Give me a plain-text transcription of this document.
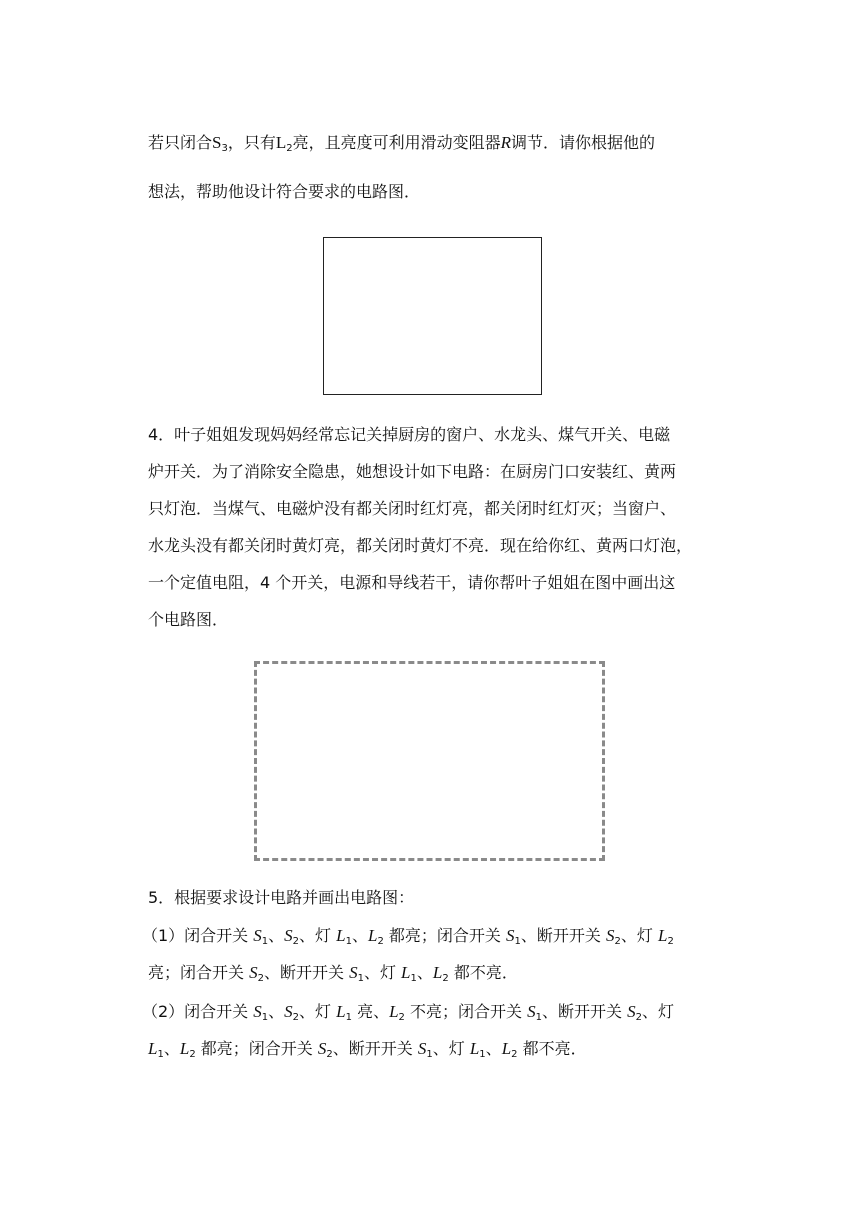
若只闭合$S_3$，只有$L_2$亮，且亮度可利用滑动变阻器R调节．请你根据他的
想法，帮助他设计符合要求的电路图．
4．叶子姐姐发现妈妈经常忘记关掉厨房的窗户、水龙头、煤气开关、电磁
炉开关．为了消除安全隐患，她想设计如下电路：在厨房门口安装红、黄两
只灯泡．当煤气、电磁炉没有都关闭时红灯亮，都关闭时红灯灭；当窗户、
水龙头没有都关闭时黄灯亮，都关闭时黄灯不亮．现在给你红、黄两口灯泡，
一个定值电阻，4 个开关，电源和导线若干，请你帮叶子姐姐在图中画出这
个电路图．
5．根据要求设计电路并画出电路图：
（1）闭合开关 $S_1$、$S_2$、灯 $L_1$、$L_2$ 都亮；闭合开关 $S_1$、断开开关 $S_2$、灯 $L_2$
亮；闭合开关 $S_2$、断开开关 $S_1$、灯 $L_1$、$L_2$ 都不亮．
（2）闭合开关 $S_1$、$S_2$、灯 $L_1$ 亮、$L_2$ 不亮；闭合开关 $S_1$、断开开关 $S_2$、灯
$L_1$、$L_2$ 都亮；闭合开关 $S_2$、断开开关 $S_1$、灯 $L_1$、$L_2$ 都不亮．
